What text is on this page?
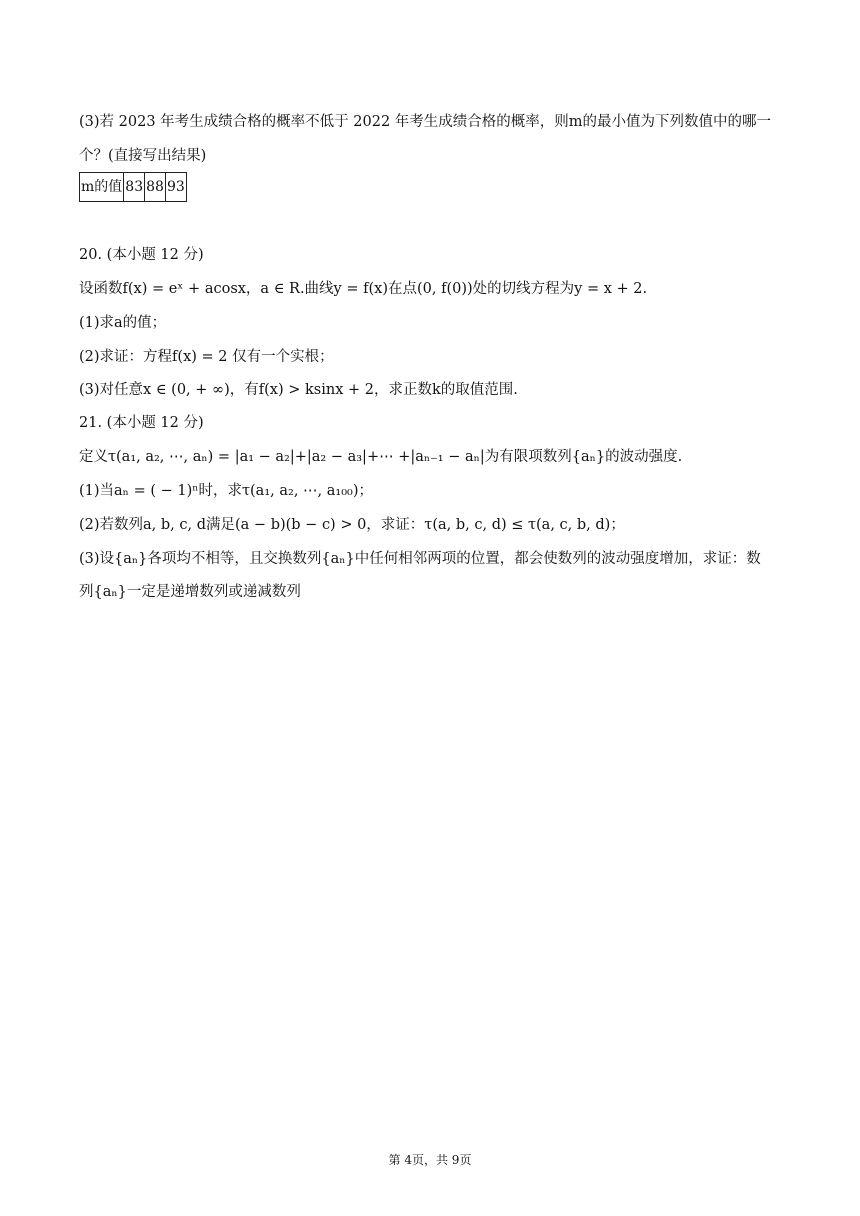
(3)若 2023 年考生成绩合格的概率不低于 2022 年考生成绩合格的概率，则m的最小值为下列数值中的哪一
个？(直接写出结果)
m的值	83	88	93
20. (本小题 12 分)
设函数f(x) = eˣ + acosx，a ∈ R.曲线y = f(x)在点(0, f(0))处的切线方程为y = x + 2.
(1)求a的值；
(2)求证：方程f(x) = 2 仅有一个实根；
(3)对任意x ∈ (0, + ∞)，有f(x) > ksinx + 2，求正数k的取值范围.
21. (本小题 12 分)
定义τ(a₁, a₂, ⋯, aₙ) = |a₁ − a₂|+|a₂ − a₃|+⋯ +|aₙ₋₁ − aₙ|为有限项数列{aₙ}的波动强度.
(1)当aₙ = ( − 1)ⁿ时，求τ(a₁, a₂, ⋯, a₁₀₀)；
(2)若数列a, b, c, d满足(a − b)(b − c) > 0，求证：τ(a, b, c, d) ≤ τ(a, c, b, d)；
(3)设{aₙ}各项均不相等，且交换数列{aₙ}中任何相邻两项的位置，都会使数列的波动强度增加，求证：数
列{aₙ}一定是递增数列或递减数列
第 4页，共 9页
